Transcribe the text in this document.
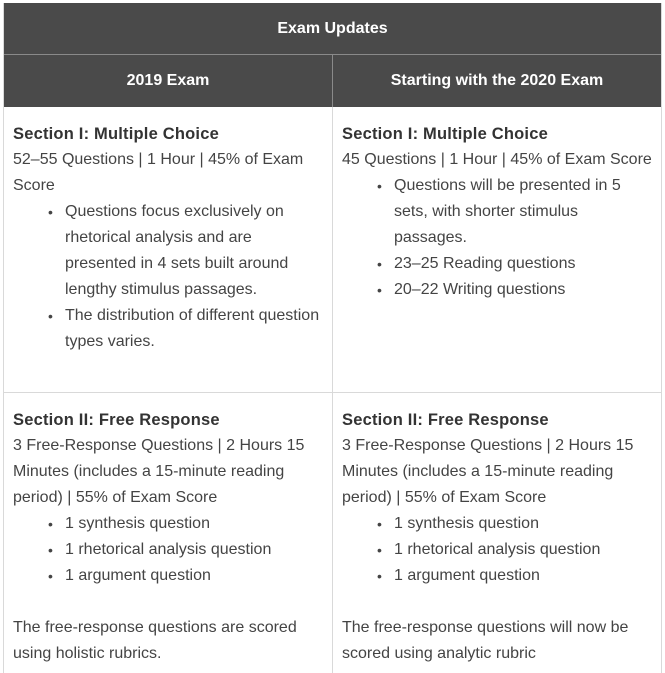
Exam Updates
2019 Exam	Starting with the 2020 Exam
Section I: Multiple Choice
52–55 Questions | 1 Hour | 45% of Exam Score
• Questions focus exclusively on rhetorical analysis and are presented in 4 sets built around lengthy stimulus passages.
• The distribution of different question types varies.
Section I: Multiple Choice
45 Questions | 1 Hour | 45% of Exam Score
• Questions will be presented in 5 sets, with shorter stimulus passages.
• 23–25 Reading questions
• 20–22 Writing questions
Section II: Free Response
3 Free-Response Questions | 2 Hours 15 Minutes (includes a 15-minute reading period) | 55% of Exam Score
• 1 synthesis question
• 1 rhetorical analysis question
• 1 argument question
The free-response questions are scored using holistic rubrics.
Section II: Free Response
3 Free-Response Questions | 2 Hours 15 Minutes (includes a 15-minute reading period) | 55% of Exam Score
• 1 synthesis question
• 1 rhetorical analysis question
• 1 argument question
The free-response questions will now be scored using analytic rubric
